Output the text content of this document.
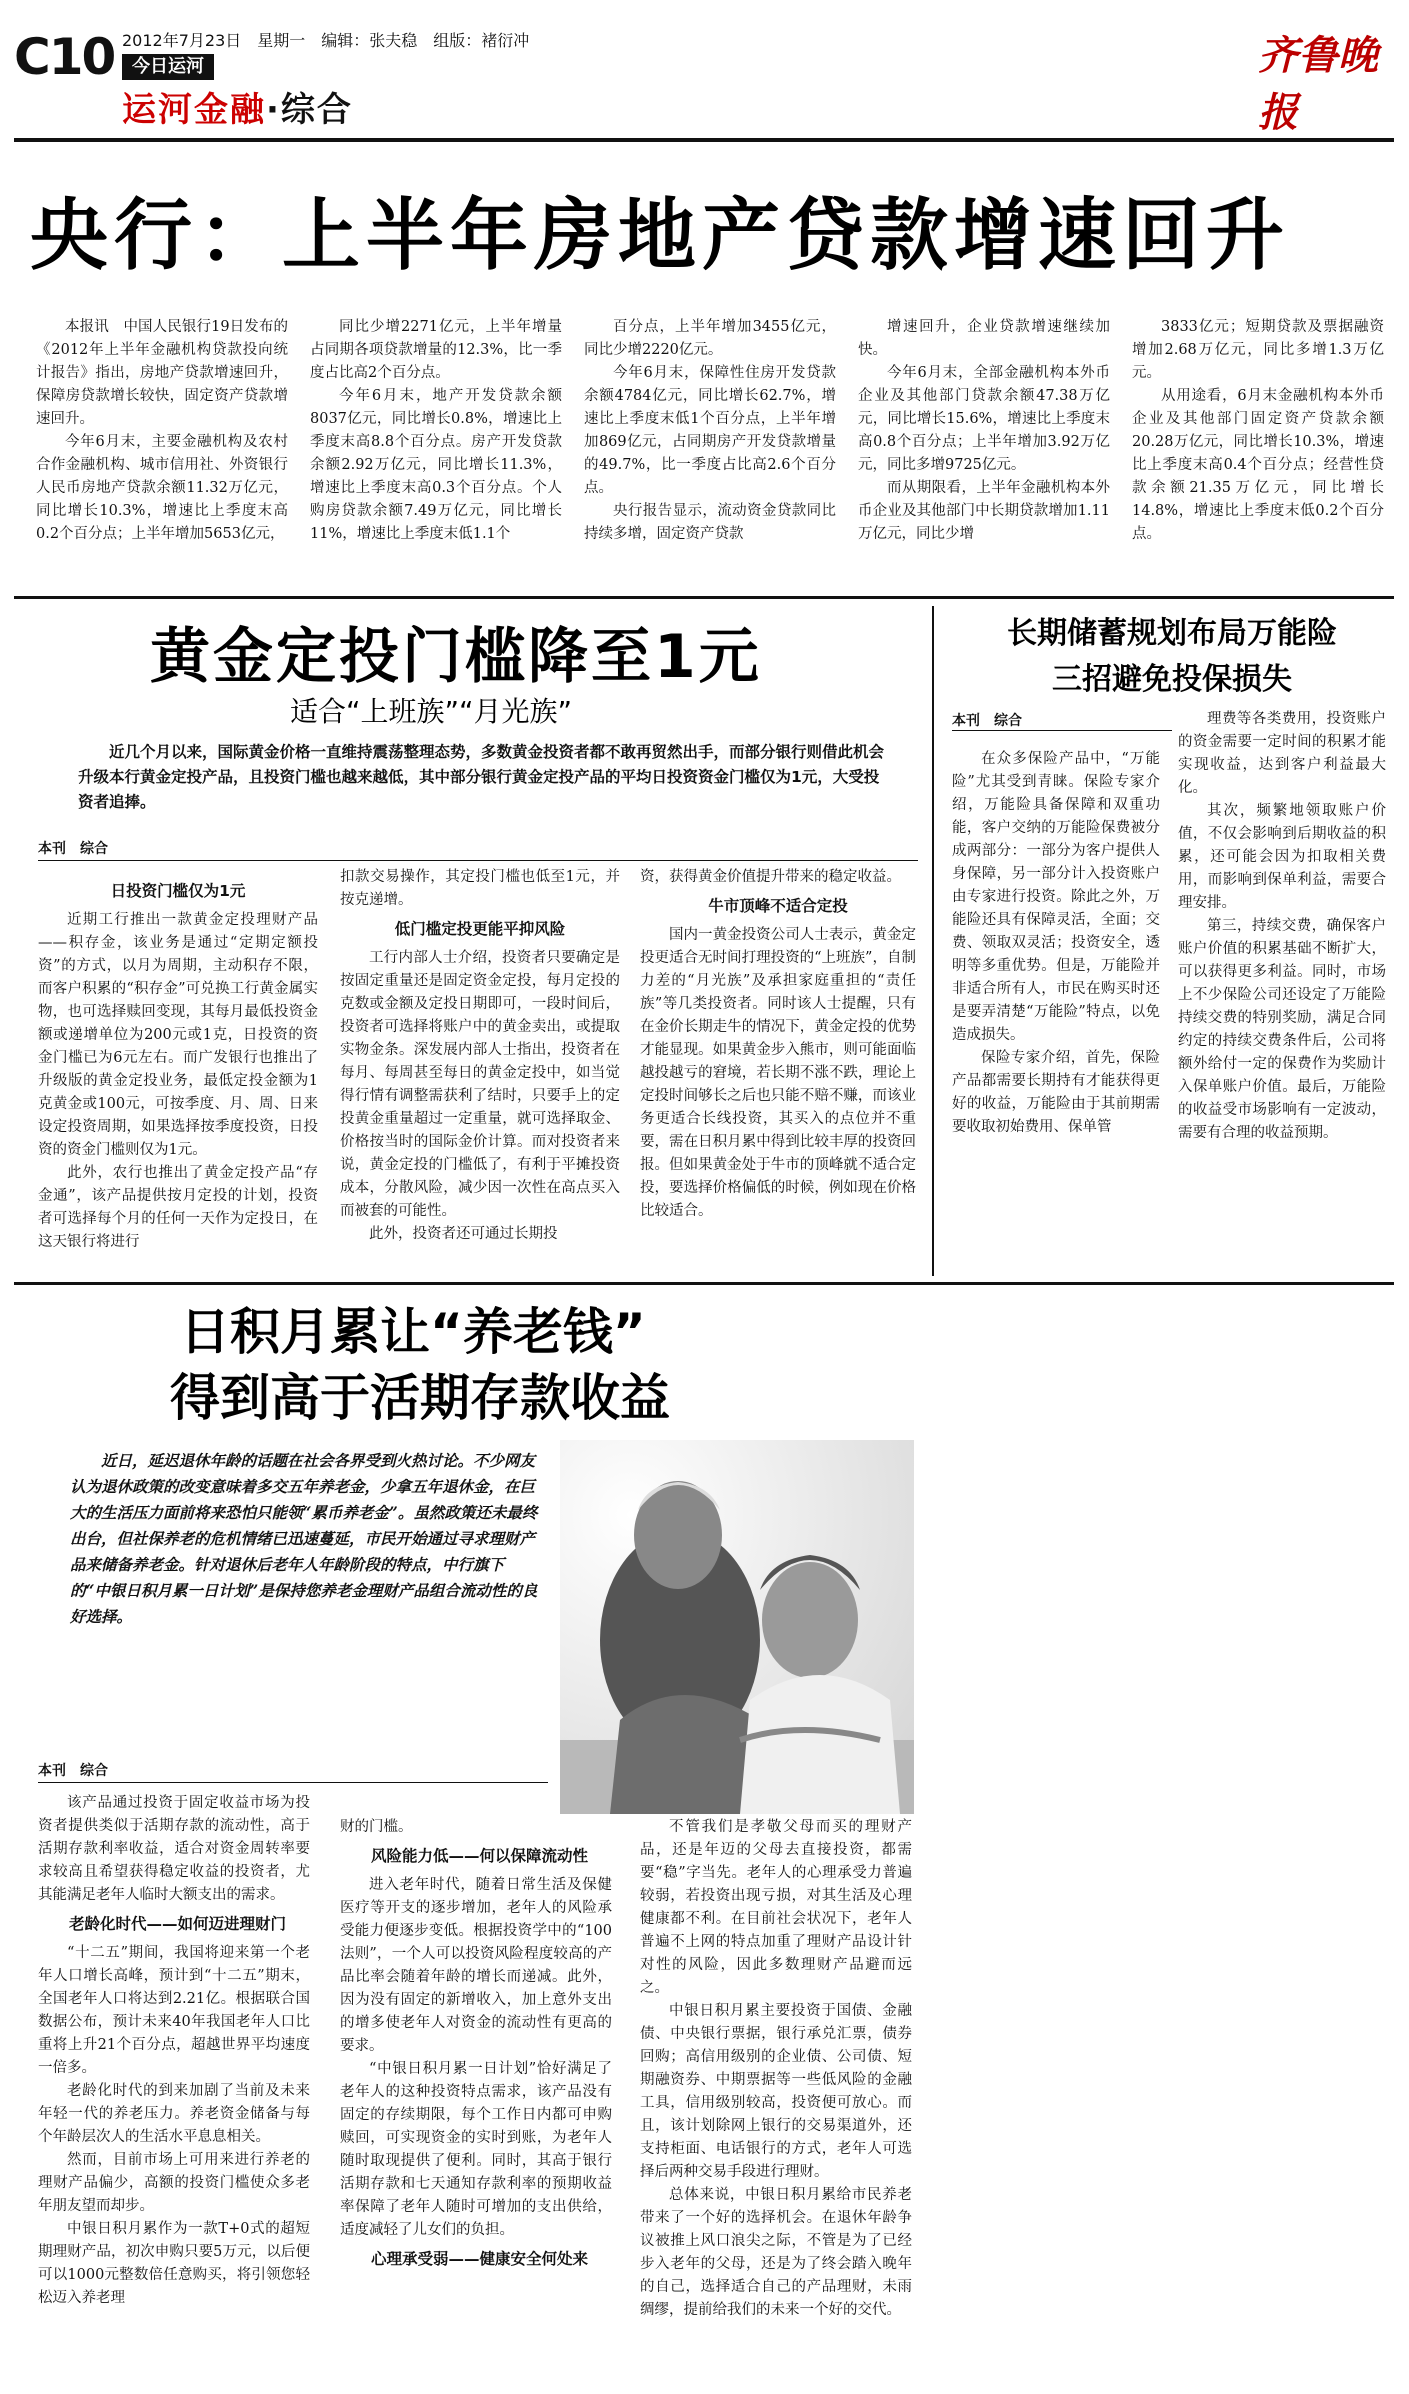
C10 2012年7月23日　星期一　编辑：张夫稳　组版：褚衍冲
今日运河
运河金融·综合
齐鲁晚报
央行：上半年房地产贷款增速回升

本报讯　中国人民银行19日发布的《2012年上半年金融机构贷款投向统计报告》指出，房地产贷款增速回升，保障房贷款增长较快，固定资产贷款增速回升。

今年6月末，主要金融机构及农村合作金融机构、城市信用社、外资银行人民币房地产贷款余额11.32万亿元，同比增长10.3%，增速比上季度末高0.2个百分点；上半年增加5653亿元，

同比少增2271亿元，上半年增量占同期各项贷款增量的12.3%，比一季度占比高2个百分点。

今年6月末，地产开发贷款余额8037亿元，同比增长0.8%，增速比上季度末高8.8个百分点。房产开发贷款余额2.92万亿元，同比增长11.3%，增速比上季度末高0.3个百分点。个人购房贷款余额7.49万亿元，同比增长11%，增速比上季度末低1.1个

百分点，上半年增加3455亿元，同比少增2220亿元。

今年6月末，保障性住房开发贷款余额4784亿元，同比增长62.7%，增速比上季度末低1个百分点，上半年增加869亿元，占同期房产开发贷款增量的49.7%，比一季度占比高2.6个百分点。

央行报告显示，流动资金贷款同比持续多增，固定资产贷款

增速回升，企业贷款增速继续加快。

今年6月末，全部金融机构本外币企业及其他部门贷款余额47.38万亿元，同比增长15.6%，增速比上季度末高0.8个百分点；上半年增加3.92万亿元，同比多增9725亿元。

而从期限看，上半年金融机构本外币企业及其他部门中长期贷款增加1.11万亿元，同比少增

3833亿元；短期贷款及票据融资增加2.68万亿元，同比多增1.3万亿元。

从用途看，6月末金融机构本外币企业及其他部门固定资产贷款余额20.28万亿元，同比增长10.3%，增速比上季度末高0.4个百分点；经营性贷款余额21.35万亿元，同比增长14.8%，增速比上季度末低0.2个百分点。

黄金定投门槛降至1元
适合“上班族”“月光族”

近几个月以来，国际黄金价格一直维持震荡整理态势，多数黄金投资者都不敢再贸然出手，而部分银行则借此机会升级本行黄金定投产品，且投资门槛也越来越低，其中部分银行黄金定投产品的平均日投资资金门槛仅为1元，大受投资者追捧。

本刊　综合
日投资门槛仅为1元

近期工行推出一款黄金定投理财产品——积存金，该业务是通过“定期定额投资”的方式，以月为周期，主动积存不限，而客户积累的“积存金”可兑换工行黄金属实物，也可选择赎回变现，其每月最低投资金额或递增单位为200元或1克，日投资的资金门槛已为6元左右。而广发银行也推出了升级版的黄金定投业务，最低定投金额为1克黄金或100元，可按季度、月、周、日来设定投资周期，如果选择按季度投资，日投资的资金门槛则仅为1元。

此外，农行也推出了黄金定投产品“存金通”，该产品提供按月定投的计划，投资者可选择每个月的任何一天作为定投日，在这天银行将进行

扣款交易操作，其定投门槛也低至1元，并按克递增。

低门槛定投更能平抑风险

工行内部人士介绍，投资者只要确定是按固定重量还是固定资金定投，每月定投的克数或金额及定投日期即可，一段时间后，投资者可选择将账户中的黄金卖出，或提取实物金条。深发展内部人士指出，投资者在每月、每周甚至每日的黄金定投中，如当觉得行情有调整需获利了结时，只要手上的定投黄金重量超过一定重量，就可选择取金、价格按当时的国际金价计算。而对投资者来说，黄金定投的门槛低了，有利于平摊投资成本，分散风险，减少因一次性在高点买入而被套的可能性。

此外，投资者还可通过长期投

资，获得黄金价值提升带来的稳定收益。

牛市顶峰不适合定投

国内一黄金投资公司人士表示，黄金定投更适合无时间打理投资的“上班族”，自制力差的“月光族”及承担家庭重担的“责任族”等几类投资者。同时该人士提醒，只有在金价长期走牛的情况下，黄金定投的优势才能显现。如果黄金步入熊市，则可能面临越投越亏的窘境，若长期不涨不跌，理论上定投时间够长之后也只能不赔不赚，而该业务更适合长线投资，其买入的点位并不重要，需在日积月累中得到比较丰厚的投资回报。但如果黄金处于牛市的顶峰就不适合定投，要选择价格偏低的时候，例如现在价格比较适合。

长期储蓄规划布局万能险
三招避免投保损失
本刊　综合

在众多保险产品中，“万能险”尤其受到青睐。保险专家介绍，万能险具备保障和双重功能，客户交纳的万能险保费被分成两部分：一部分为客户提供人身保障，另一部分计入投资账户由专家进行投资。除此之外，万能险还具有保障灵活，全面；交费、领取双灵活；投资安全，透明等多重优势。但是，万能险并非适合所有人，市民在购买时还是要弄清楚“万能险”特点，以免造成损失。

保险专家介绍，首先，保险产品都需要长期持有才能获得更好的收益，万能险由于其前期需要收取初始费用、保单管

理费等各类费用，投资账户的资金需要一定时间的积累才能实现收益，达到客户利益最大化。

其次，频繁地领取账户价值，不仅会影响到后期收益的积累，还可能会因为扣取相关费用，而影响到保单利益，需要合理安排。

第三，持续交费，确保客户账户价值的积累基础不断扩大，可以获得更多利益。同时，市场上不少保险公司还设定了万能险持续交费的特别奖励，满足合同约定的持续交费条件后，公司将额外给付一定的保费作为奖励计入保单账户价值。最后，万能险的收益受市场影响有一定波动，需要有合理的收益预期。

日积月累让“养老钱”
得到高于活期存款收益

近日，延迟退休年龄的话题在社会各界受到火热讨论。不少网友认为退休政策的改变意味着多交五年养老金，少拿五年退休金，在巨大的生活压力面前将来恐怕只能领“累币养老金”。虽然政策还未最终出台，但社保养老的危机情绪已迅速蔓延，市民开始通过寻求理财产品来储备养老金。针对退休后老年人年龄阶段的特点，中行旗下的“中银日积月累一日计划”是保持您养老金理财产品组合流动性的良好选择。

本刊　综合

该产品通过投资于固定收益市场为投资者提供类似于活期存款的流动性，高于活期存款利率收益，适合对资金周转率要求较高且希望获得稳定收益的投资者，尤其能满足老年人临时大额支出的需求。

老龄化时代——如何迈进理财门

“十二五”期间，我国将迎来第一个老年人口增长高峰，预计到“十二五”期末，全国老年人口将达到2.21亿。根据联合国数据公布，预计未来40年我国老年人口比重将上升21个百分点，超越世界平均速度一倍多。

老龄化时代的到来加剧了当前及未来年轻一代的养老压力。养老资金储备与每个年龄层次人的生活水平息息相关。

然而，目前市场上可用来进行养老的理财产品偏少，高额的投资门槛使众多老年朋友望而却步。

中银日积月累作为一款T+0式的超短期理财产品，初次申购只要5万元，以后便可以1000元整数倍任意购买，将引领您轻松迈入养老理

财的门槛。

风险能力低——何以保障流动性

进入老年时代，随着日常生活及保健医疗等开支的逐步增加，老年人的风险承受能力便逐步变低。根据投资学中的“100法则”，一个人可以投资风险程度较高的产品比率会随着年龄的增长而递减。此外，因为没有固定的新增收入，加上意外支出的增多使老年人对资金的流动性有更高的要求。

“中银日积月累一日计划”恰好满足了老年人的这种投资特点需求，该产品没有固定的存续期限，每个工作日内都可申购赎回，可实现资金的实时到账，为老年人随时取现提供了便利。同时，其高于银行活期存款和七天通知存款利率的预期收益率保障了老年人随时可增加的支出供给，适度减轻了儿女们的负担。

心理承受弱——健康安全何处来

不管我们是孝敬父母而买的理财产品，还是年迈的父母去直接投资，都需要“稳”字当先。老年人的心理承受力普遍较弱，若投资出现亏损，对其生活及心理健康都不利。在目前社会状况下，老年人普遍不上网的特点加重了理财产品设计针对性的风险，因此多数理财产品避而远之。

中银日积月累主要投资于国债、金融债、中央银行票据，银行承兑汇票，债券回购；高信用级别的企业债、公司债、短期融资券、中期票据等一些低风险的金融工具，信用级别较高，投资便可放心。而且，该计划除网上银行的交易渠道外，还支持柜面、电话银行的方式，老年人可选择后两种交易手段进行理财。

总体来说，中银日积月累给市民养老带来了一个好的选择机会。在退休年龄争议被推上风口浪尖之际，不管是为了已经步入老年的父母，还是为了终会踏入晚年的自己，选择适合自己的产品理财，未雨绸缪，提前给我们的未来一个好的交代。
